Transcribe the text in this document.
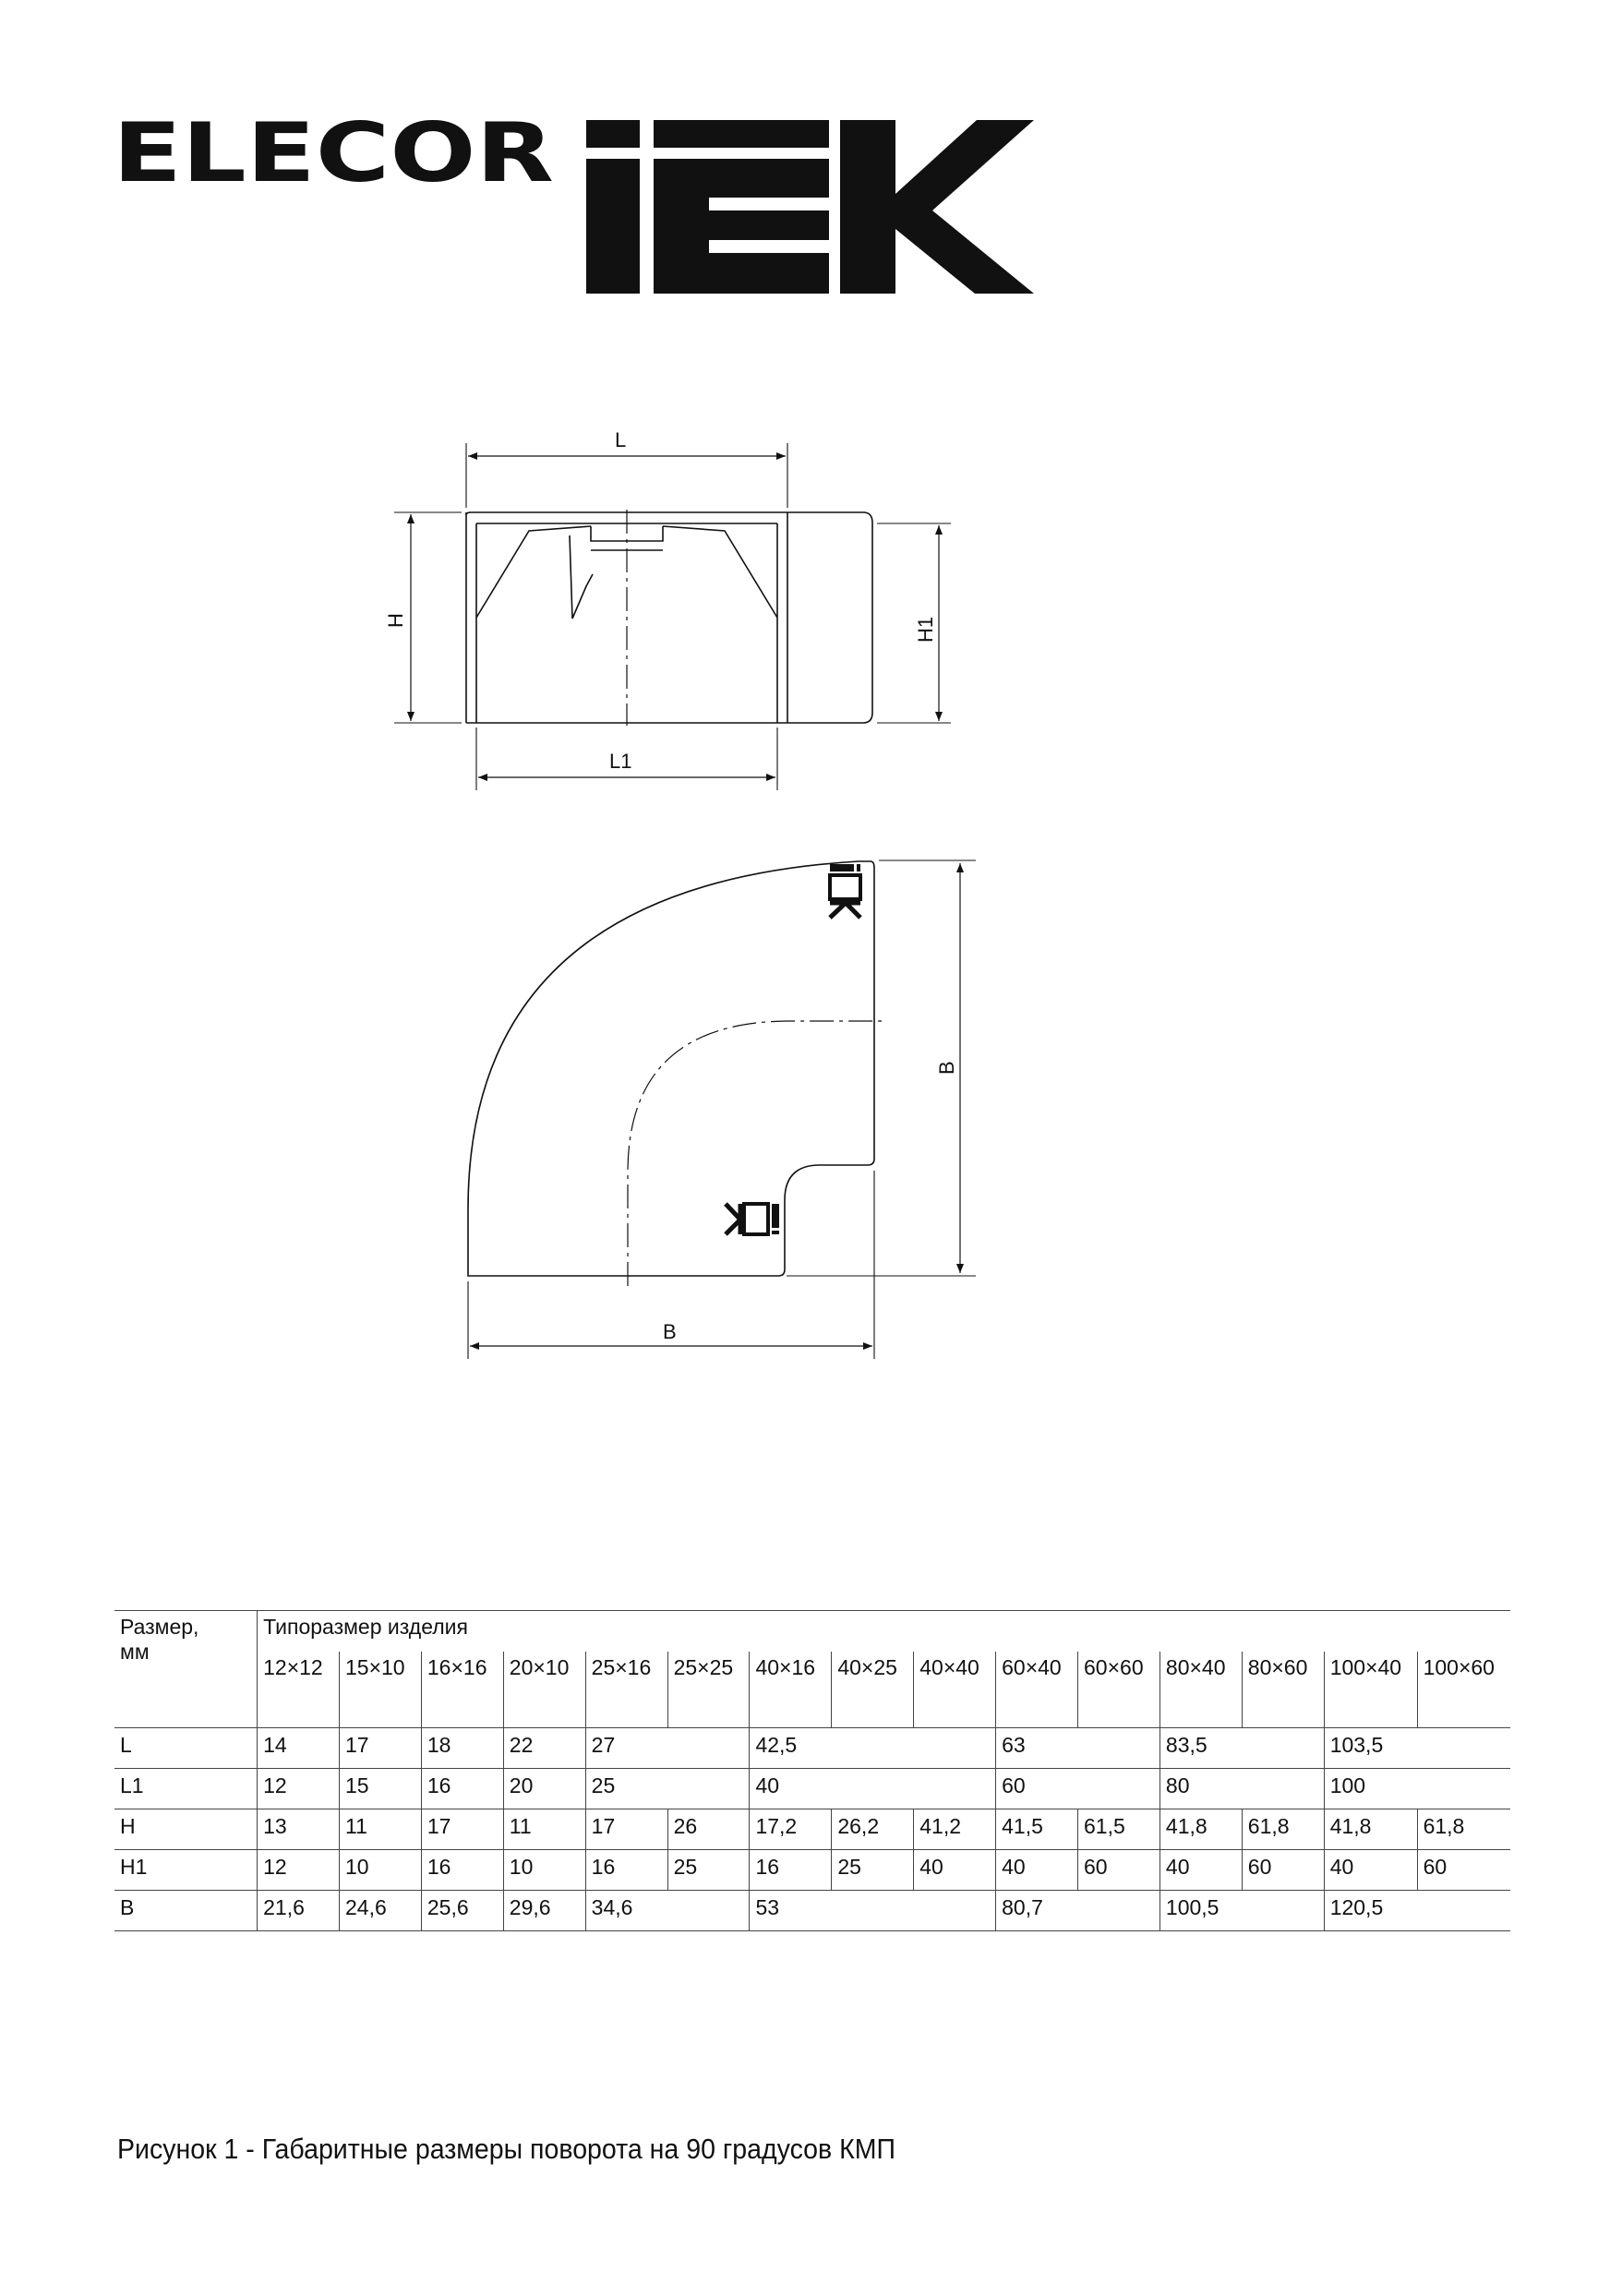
ELECOR
IEK
L
L1
H	H1
B
B
Размер,
мм	Типоразмер изделия														
	12×12	15×10	16×16	20×10	25×16	25×25	40×16	40×25	40×40	60×40	60×60	80×40	80×60	100×40	100×60
L	14	17	18	22	27		42,5			63		83,5		103,5	
L1	12	15	16	20	25		40			60		80		100	
H	13	11	17	11	17	26	17,2	26,2	41,2	41,5	61,5	41,8	61,8	41,8	61,8
H1	12	10	16	10	16	25	16	25	40	40	60	40	60	40	60
B	21,6	24,6	25,6	29,6	34,6		53			80,7		100,5		120,5	
Рисунок 1 - Габаритные размеры поворота на 90 градусов КМП
